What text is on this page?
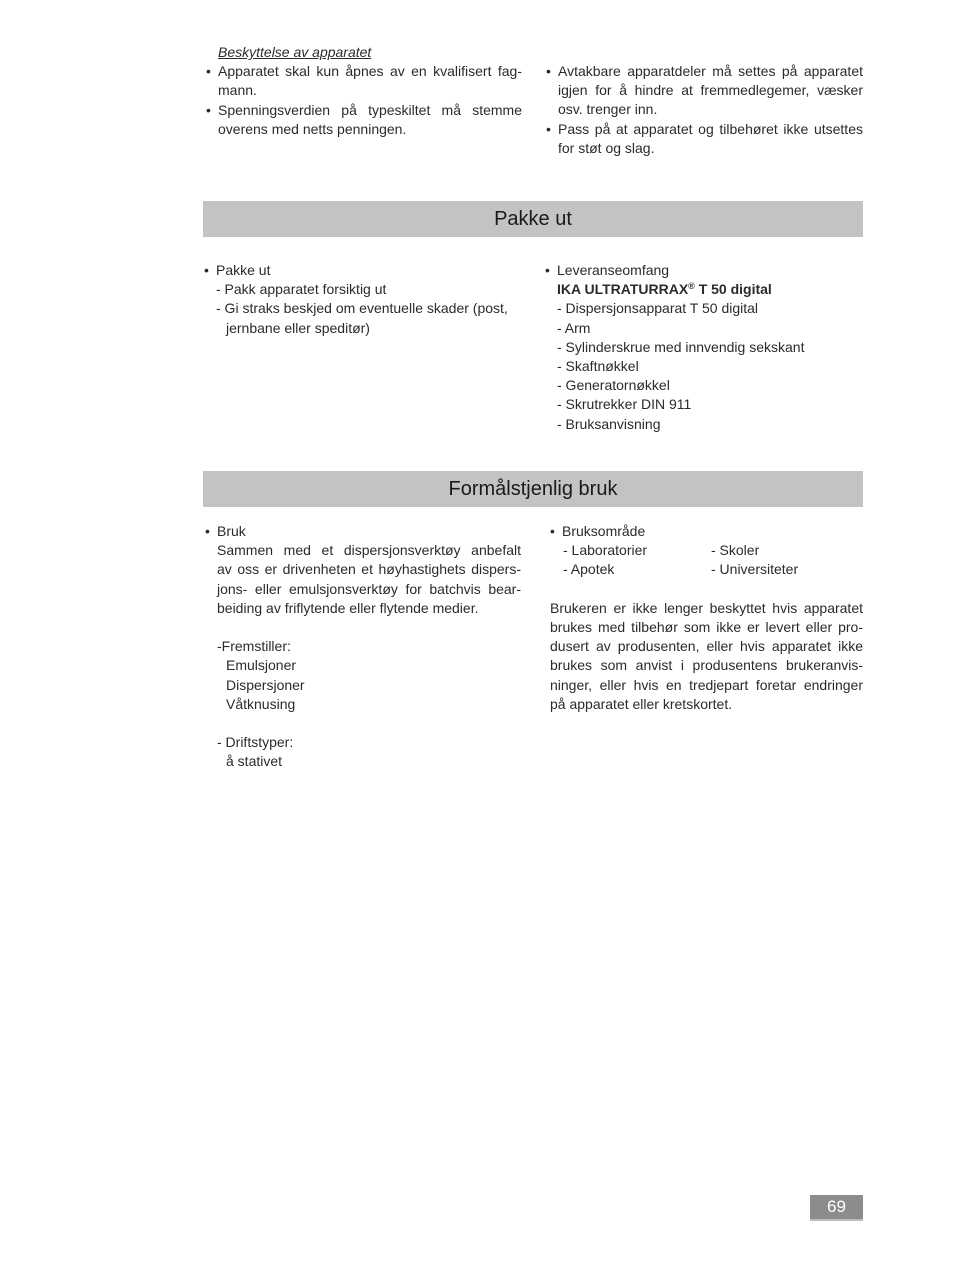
Beskyttelse av apparatet
• Apparatet skal kun åpnes av en kvalifisert fag-
mann.
• Spenningsverdien på typeskiltet må stemme
overens med netts penningen.
• Avtakbare apparatdeler må settes på apparatet
igjen for å hindre at fremmedlegemer, væsker
osv. trenger inn.
• Pass på at apparatet og tilbehøret ikke utsettes
for støt og slag.
Pakke ut
• Pakke ut
- Pakk apparatet forsiktig ut
- Gi straks beskjed om eventuelle skader (post,
jernbane eller speditør)
• Leveranseomfang
IKA ULTRATURRAX® T 50 digital
- Dispersjonsapparat T 50 digital
- Arm
- Sylinderskrue med innvendig sekskant
- Skaftnøkkel
- Generatornøkkel
- Skrutrekker DIN 911
- Bruksanvisning
Formålstjenlig bruk
• Bruk
Sammen med et dispersjonsverktøy anbefalt
av oss er drivenheten et høyhastighets dispers-
jons- eller emulsjonsverktøy for batchvis bear-
beiding av friflytende eller flytende medier.
-Fremstiller:
Emulsjoner
Dispersjoner
Våtknusing
- Driftstyper:
å stativet
• Bruksområde
- Laboratorier
- Apotek
- Skoler
- Universiteter
Brukeren er ikke lenger beskyttet hvis apparatet
brukes med tilbehør som ikke er levert eller pro-
dusert av produsenten, eller hvis apparatet ikke
brukes som anvist i produsentens brukeranvis-
ninger, eller hvis en tredjepart foretar endringer
på apparatet eller kretskortet.
69
